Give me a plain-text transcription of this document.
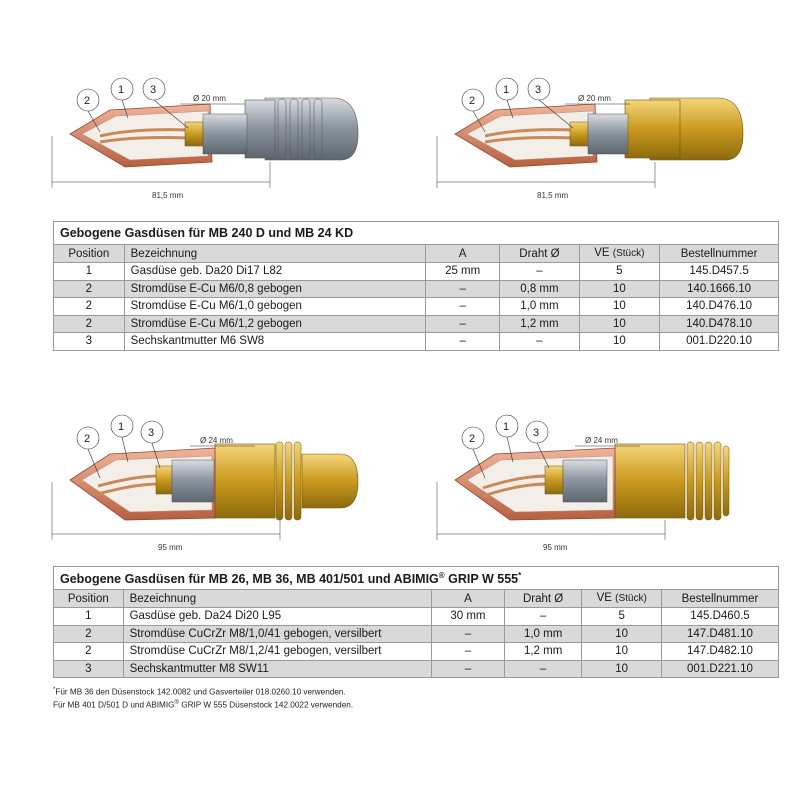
81,5 mm
Ø 20 mm
2
1 3
81,5 mm
Ø 20 mm
2
1 3
95 mm
Ø 24 mm
2
1 3
95 mm
Ø 24 mm
2
1 3
Gebogene Gasdüsen für MB 240 D und MB 24 KD					
Position	Bezeichnung	A	Draht Ø	VE (Stück)	Bestellnummer
1	Gasdüse geb. Da20 Di17 L82	25 mm	–	5	145.D457.5
2	Stromdüse E-Cu M6/0,8 gebogen	–	0,8 mm	10	140.1666.10
2	Stromdüse E-Cu M6/1,0 gebogen	–	1,0 mm	10	140.D476.10
2	Stromdüse E-Cu M6/1,2 gebogen	–	1,2 mm	10	140.D478.10
3	Sechskantmutter M6 SW8	–	–	10	001.D220.10
Gebogene Gasdüsen für MB 26, MB 36, MB 401/501 und ABIMIG® GRIP W 555*
Position	Bezeichnung	A	Draht Ø	VE (Stück)	Bestellnummer
1	Gasdüse geb. Da24 Di20 L95	30 mm	–	5	145.D460.5
2	Stromdüse CuCrZr M8/1,0/41 gebogen, versilbert	–	1,0 mm	10	147.D481.10
2	Stromdüse CuCrZr M8/1,2/41 gebogen, versilbert	–	1,2 mm	10	147.D482.10
3	Sechskantmutter M8 SW11	–	–	10	001.D221.10
*Für MB 36 den Düsenstock 142.0082 und Gasverteiler 018.0260.10 verwenden.
Für MB 401 D/501 D und ABIMIG® GRIP W 555 Düsenstock 142.0022 verwenden.
